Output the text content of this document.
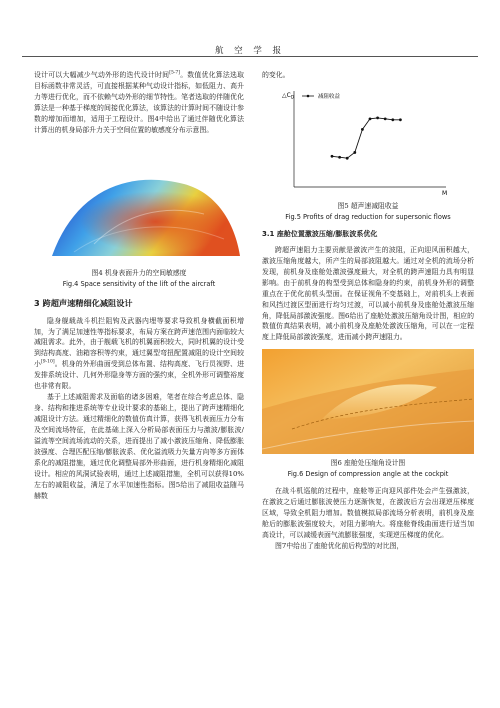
航 空 学 报

设计可以大幅减少气动外形的迭代设计时间[5-7]。数值优化算法选取目标函数非常灵活，可直接根据某种气动设计指标，如低阻力、高升力等进行优化，而不依赖气动外形的细节特性。笔者选取的伴随优化算法是一种基于梯度的间接优化算法，该算法的计算时间不随设计参数的增加而增加，适用于工程设计。图4中给出了通过伴随优化算法计算出的机身局部升力关于空间位置的敏感度分布示意图。

图4 机身表面升力的空间敏感度
Fig.4 Space sensitivity of the lift of the aircraft
3 跨超声速精细化减阻设计

隐身舰载战斗机拦阻钩及武器内埋等要求导致机身横截面积增加，为了满足加速性等指标要求，布局方案在跨声速范围内面临较大减阻需求。此外，由于舰载飞机的机翼面积较大，同时机翼的设计受到结构高度、油箱容积等约束，通过翼型弯扭配置减阻的设计空间较小[9-10]。机身的外形曲面受到总体布置、结构高度、飞行员视野、进发排系统设计、几何外形隐身等方面的强约束，全机外形可调整裕度也非常有限。

基于上述减阻需求及面临的诸多困难，笔者在综合考虑总体、隐身、结构和推进系统等专业设计要求的基础上，提出了跨声速精细化减阻设计方法。通过精细化的数值仿真计算，获得飞机表面压力分布及空间流场特征，在此基础上深入分析局部表面压力与激波/膨胀波/溢流等空间流场流动的关系，进而提出了减小激波压缩角、降低膨胀波强度、合理匹配压缩/膨胀波系、优化溢流吸力矢量方向等多方面体系化的减阻措施，通过优化调整局部外形曲面，进行机身精细化减阻设计。相应的风洞试验表明，通过上述减阻措施，全机可以获得10%左右的减阻收益，满足了水平加速性指标。图5给出了减阻收益随马赫数

的变化。

$\triangle C_D$	减阻收益
M
图5 超声速减阻收益
Fig.5 Profits of drag reduction for supersonic flows
3.1 座舱位置激波压缩/膨胀波系优化

跨超声速阻力主要贡献是激波产生的波阻，正向迎风面积越大，激波压缩角度越大，所产生的局部波阻越大。通过对全机的流场分析发现，前机身及座舱处激波强度最大，对全机的跨声速阻力具有明显影响。由于前机身的构型受到总体和隐身的约束，前机身外形的调整重点在于优化前机头型面。在保证视角不变基础上，对前机头上表面和风挡过渡区型面进行均匀过渡，可以减小前机身及座舱处激波压缩角，降低局部激波强度。图6给出了座舱处激波压缩角设计图，相应的数值仿真结果表明，减小前机身及座舱处激波压缩角，可以在一定程度上降低局部激波强度，进而减小跨声速阻力。

图6 座舱处压缩角设计图
Fig.6 Design of compression angle at the cockpit

在战斗机巡航的过程中，座舱等正向迎风部件处会产生强激波，在激波之后通过膨胀波使压力逐渐恢复，在激波后方会出现逆压梯度区域，导致全机阻力增加。数值模拟局部流场分析表明，前机身及座舱后的膨胀波强度较大，对阻力影响大。将座舱脊线曲面进行适当加高设计，可以减缓表面气流膨胀强度，实现逆压梯度的优化。

图7中给出了座舱优化前后构型的对比图，
